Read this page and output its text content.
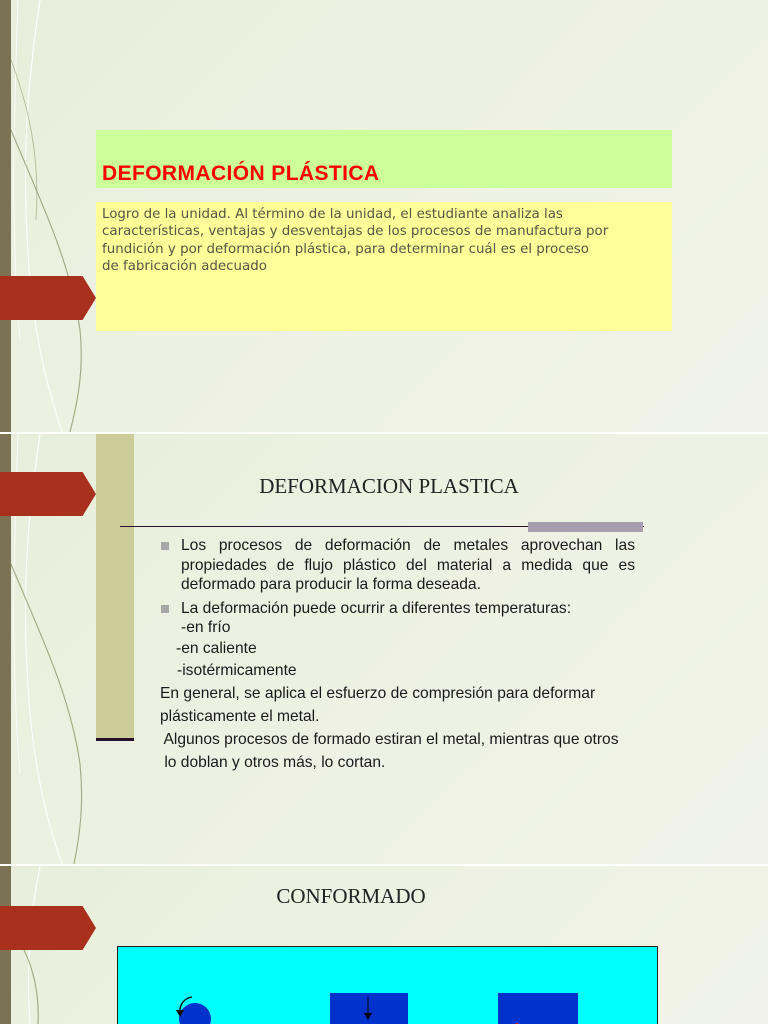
DEFORMACIÓN PLÁSTICA

Logro de la unidad. Al término de la unidad, el estudiante analiza las
características, ventajas y desventajas de los procesos de manufactura por
fundición y por deformación plástica, para determinar cuál es el proceso
de fabricación adecuado

DEFORMACION PLASTICA
Los procesos de deformación de metales aprovechan las propiedades de flujo plástico del material a medida que es deformado para producir la forma deseada.
La deformación puede ocurrir a diferentes temperaturas:
-en frío
-en caliente
-isotérmicamente
En general, se aplica el esfuerzo de compresión para deformar
plásticamente el metal.
Algunos procesos de formado estiran el metal, mientras que otros
lo doblan y otros más, lo cortan.
CONFORMADO
